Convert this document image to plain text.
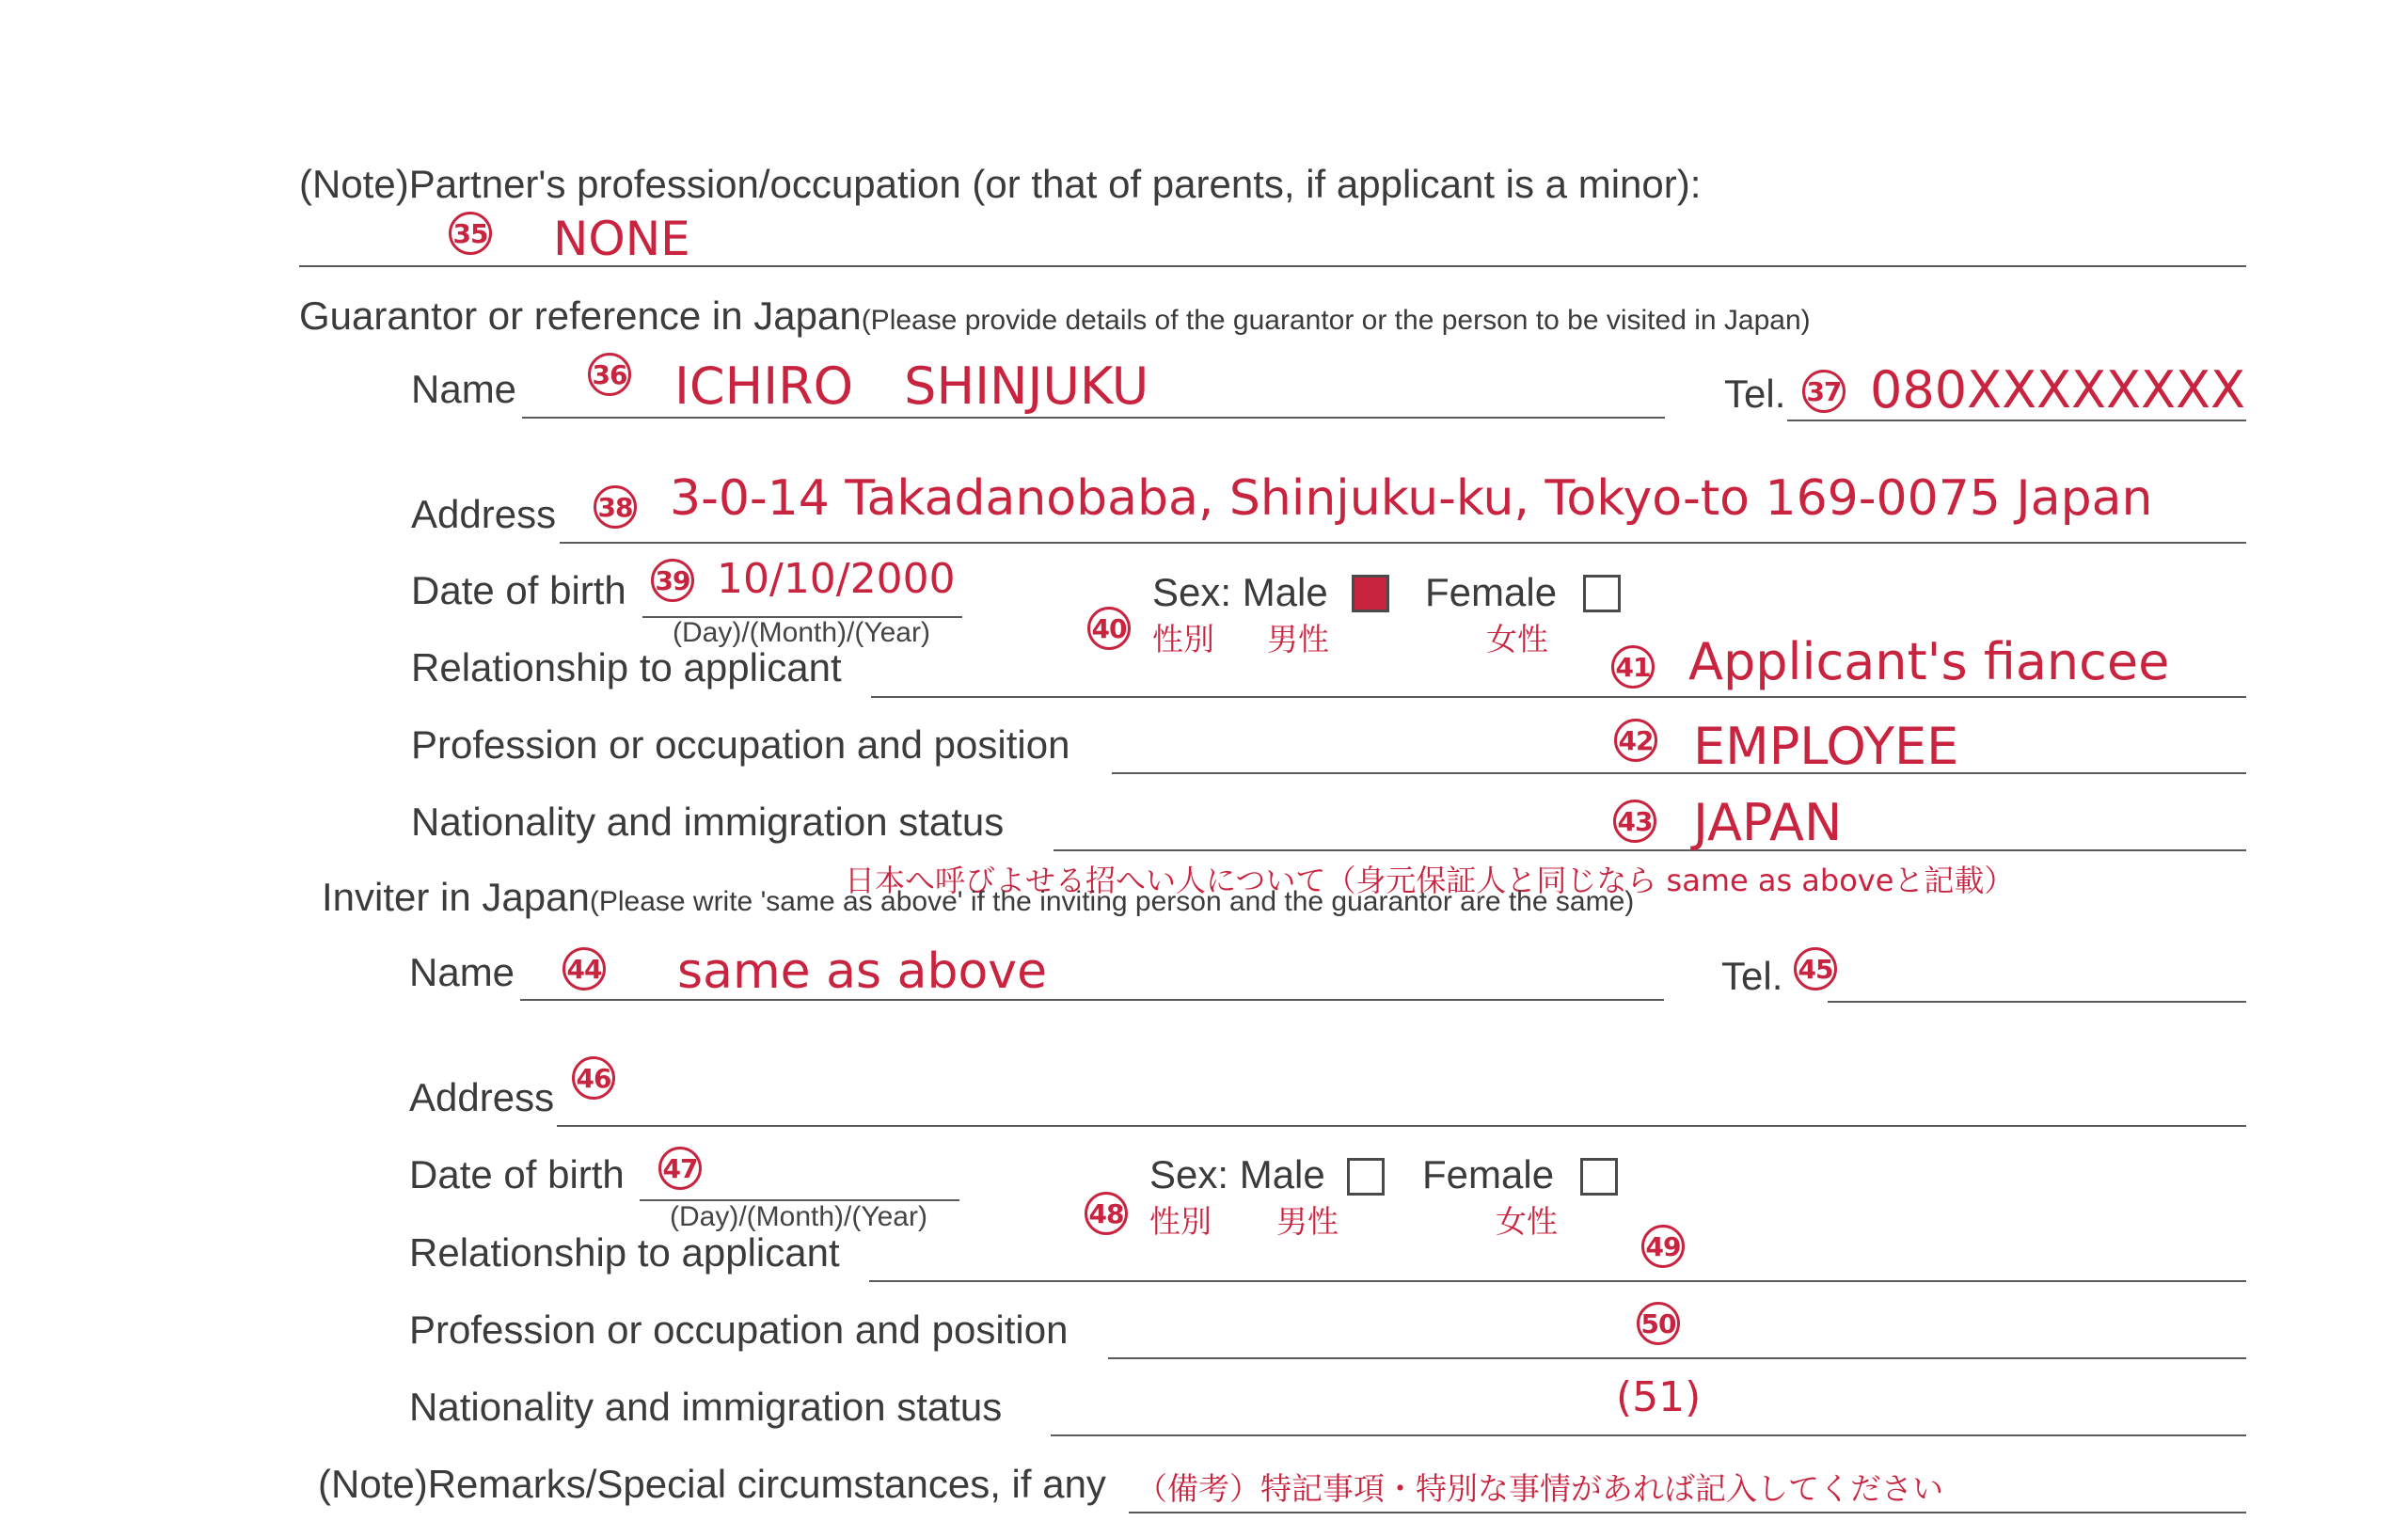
(Note)Partner's profession/occupation (or that of parents, if applicant is a minor):
35 NONE
Guarantor or reference in Japan(Please provide details of the guarantor or the person to be visited in Japan)
Name	36 ICHIRO　SHINJUKU	Tel. 37 080XXXXXXXX
Address 38 3-0-14 Takadanobaba, Shinjuku-ku, Tokyo-to 169-0075 Japan
Date of birth 39 10/10/2000
(Day)/(Month)/(Year)
Sex: Male Female
40 性別 男性	女性
Relationship to applicant	41 Applicant's fiancee
Profession or occupation and position	42 EMPLOYEE
Nationality and immigration status	43 JAPAN
日本へ呼びよせる招へい人について（身元保証人と同じなら same as aboveと記載）
Inviter in Japan(Please write 'same as above' if the inviting person and the guarantor are the same)
Name 44 same as above	Tel. 45
Address 46
Date of birth 47
(Day)/(Month)/(Year)
Sex: Male Female
48 性別 男性	女性
Relationship to applicant	49
Profession or occupation and position	50
Nationality and immigration status	(51)
(Note)Remarks/Special circumstances, if any （備考）特記事項・特別な事情があれば記入してください
